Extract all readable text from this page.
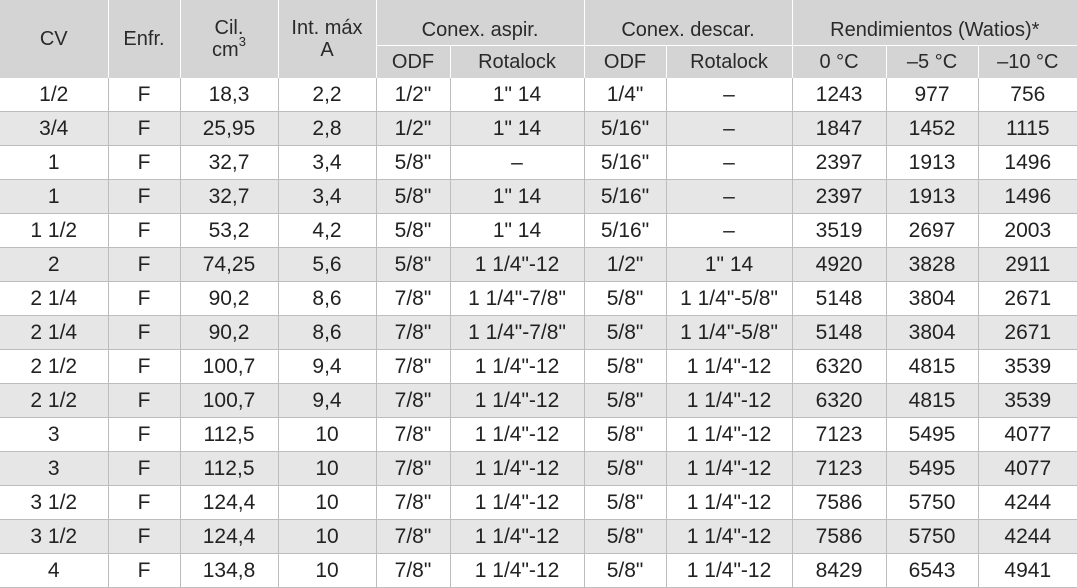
CV	Enfr.	Cil.
$cm^3$	Int. máx
A	Conex. aspir.		Conex. descar.		Rendimientos (Watios)*		
				ODF	Rotalock	ODF	Rotalock	0 °C	–5 °C	–10 °C
1/2	F	18,3	2,2	1/2"	1" 14	1/4"	–	1243	977	756
3/4	F	25,95	2,8	1/2"	1" 14	5/16"	–	1847	1452	1115
1	F	32,7	3,4	5/8"	–	5/16"	–	2397	1913	1496
1	F	32,7	3,4	5/8"	1" 14	5/16"	–	2397	1913	1496
1 1/2	F	53,2	4,2	5/8"	1" 14	5/16"	–	3519	2697	2003
2	F	74,25	5,6	5/8"	1 1/4"-12	1/2"	1" 14	4920	3828	2911
2 1/4	F	90,2	8,6	7/8"	1 1/4"-7/8"	5/8"	1 1/4"-5/8"	5148	3804	2671
2 1/4	F	90,2	8,6	7/8"	1 1/4"-7/8"	5/8"	1 1/4"-5/8"	5148	3804	2671
2 1/2	F	100,7	9,4	7/8"	1 1/4"-12	5/8"	1 1/4"-12	6320	4815	3539
2 1/2	F	100,7	9,4	7/8"	1 1/4"-12	5/8"	1 1/4"-12	6320	4815	3539
3	F	112,5	10	7/8"	1 1/4"-12	5/8"	1 1/4"-12	7123	5495	4077
3	F	112,5	10	7/8"	1 1/4"-12	5/8"	1 1/4"-12	7123	5495	4077
3 1/2	F	124,4	10	7/8"	1 1/4"-12	5/8"	1 1/4"-12	7586	5750	4244
3 1/2	F	124,4	10	7/8"	1 1/4"-12	5/8"	1 1/4"-12	7586	5750	4244
4	F	134,8	10	7/8"	1 1/4"-12	5/8"	1 1/4"-12	8429	6543	4941
